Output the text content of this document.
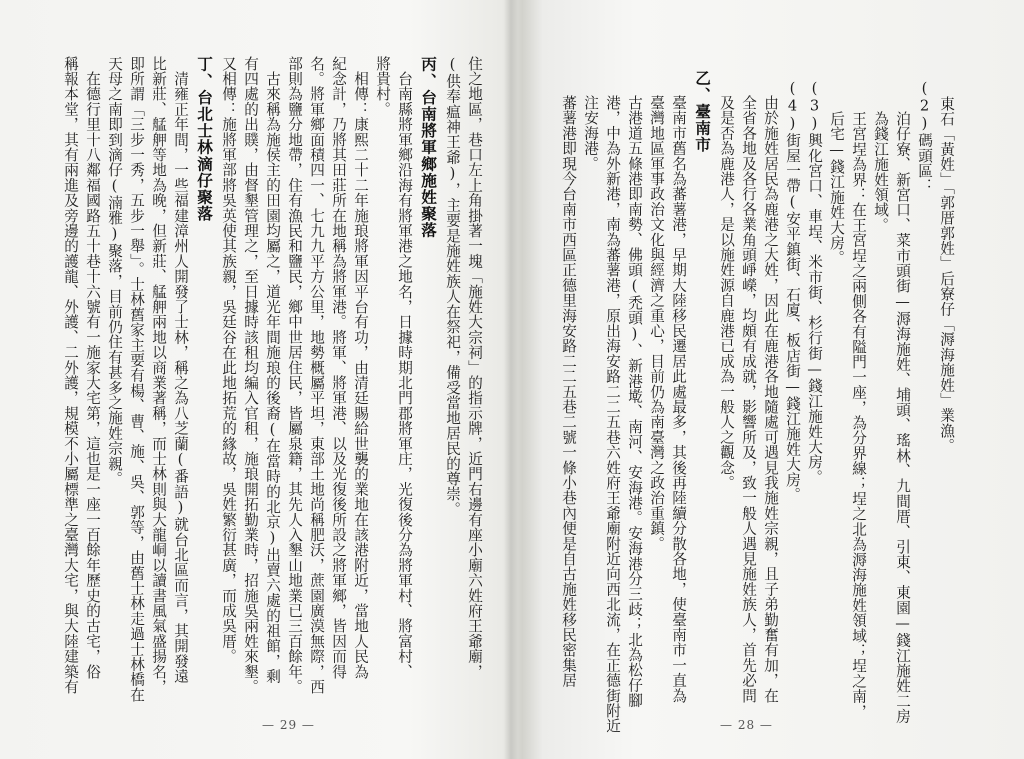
東石「黃姓」「郭厝郭姓」后寮仔「溽海施姓」業漁。
(2)碼頭區：
　泊仔寮、新宮口、菜市頭街—溽海施姓、埔頭、瑤林、九間厝、引東、東園—錢江施姓二房
　為錢江施姓領域。
　王宮埕為界：在王宮埕之兩側各有隘門一座，為分界線；埕之北為溽海施姓領域；埕之南，
　后宅—錢江施姓大房。
(3)興化宮口、車埕、米市街、杉行街—錢江施姓大房。
(4)街屋一帶(安平鎮街、石廈、板店街—錢江施姓大房。
　由於施姓居民為鹿港之大姓，因此在鹿港各地隨處可遇見我施姓宗親，且子弟勤奮有加，在
　全省各地及各行各業角頭崢嶸，均頗有成就，影響所及，致一般人遇見施姓族人，首先必問
　及是否為鹿港人，是以施姓源自鹿港已成為一般人之觀念。
乙、臺南市
　臺南市舊名為蕃薯港，早期大陸移民遷居此處最多，其後再陸續分散各地，使臺南市一直為
　臺灣地區軍事政治文化與經濟之重心，目前仍為南臺灣之政治重鎮。
　古港道五條港即南勢、佛頭(禿頭)、新港墘、南河、安海港。安海港分三歧；北為松仔腳
　港，中為外新港，南為蕃薯港，原出海安路二二五巷六姓府王爺廟附近向西北流，在正德街附近
　注安海港。
　蕃薯港即現今台南市西區正德里海安路二二五巷二號一條小巷內便是自古施姓移民密集居
— 28 —
住之地區，巷口左上角掛著一塊「施姓大宗祠」的指示牌，近門右邊有座小廟六姓府王爺廟，
(供奉瘟神王爺)，主要是施姓族人在祭祀，備受當地居民的尊崇。
丙、台南將軍鄉施姓聚落
　台南縣將軍鄉沿海有將軍港之地名，日據時期北門郡將軍庄，光復後分為將軍村、將富村、
將貴村。
　相傳：康熙二十二年施琅將軍因平台有功，由清廷賜給世襲的業地在該港附近，當地人民為
紀念計，乃將其田莊所在地稱為將軍港。將軍、將軍港、以及光復後所設之將軍鄉，皆因而得
名。將軍鄉面積四一、七九九平方公里，地勢概屬平坦，東部土地尚稱肥沃，蔗園廣漠無際，西
部則為鹽分地帶，住有漁民和鹽民，鄉中世居住民，皆屬泉籍，其先人入墾山地業已三百餘年。
　古來稱為施侯主的田園均屬之，道光年間施琅的後裔(在當時的北京)出賣六處的祖館，剩
有四處的出贌，由督墾管理之，至日據時該租均編入官租，施琅開拓勤業時，招施吳兩姓來墾。
又相傳：施將軍部將吳英使其族親，吳廷谷在此地拓荒的緣故，吳姓繁衍甚廣，而成吳厝。
丁、台北士林滴仔聚落
　清雍正年間，一些福建漳州人開發了士林，稱之為八芝蘭(番語)就台北區而言，其開發遠
比新莊、艋舺等地為晚，但新莊、艋舺兩地以商業著稱，而士林則與大龍峒以讀書風氣盛揚名，
即所謂「三步一秀，五步一舉」。士林舊家主要有楊、曹、施、吳、郭等，由舊士林走過士林橋在
天母之南即到滴仔(湳雅)聚落，目前仍住有甚多之施姓宗親。
　在德行里十八鄰福國路五十巷十六號有一施家大宅第，這也是一座一百餘年歷史的古宅，俗
稱報本堂，其有兩進及旁邊的護龍、外護、二外護，規模不小屬標準之臺灣大宅，與大陸建築有
— 29 —
